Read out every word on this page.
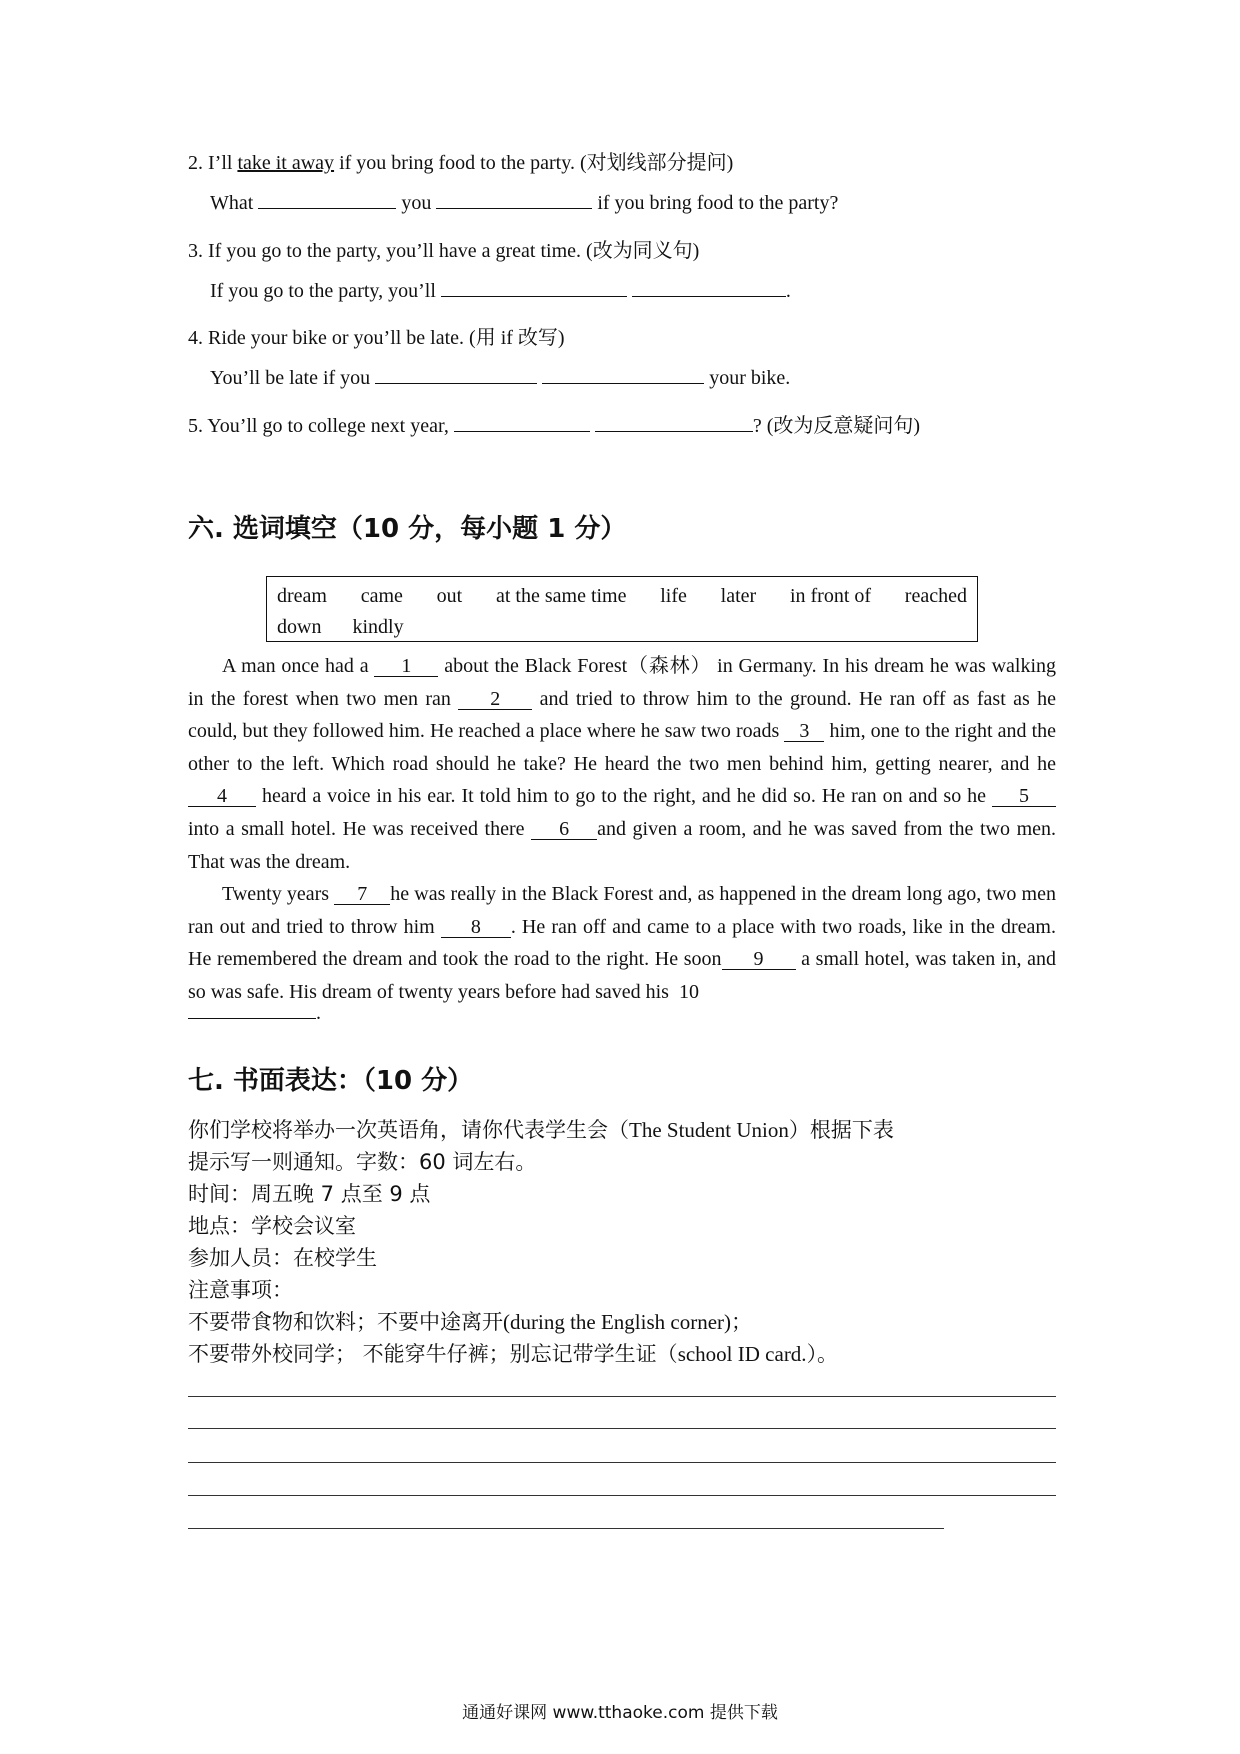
2. I’ll take it away if you bring food to the party. (对划线部分提问)
What	you	if you bring food to the party?
3. If you go to the party, you’ll have a great time. (改为同义句)
If you go to the party, you’ll	.
4. Ride your bike or you’ll be late. (用 if 改写)
You’ll be late if you	your bike.
5. You’ll go to college next year,	? (改为反意疑问句)
六. 选词填空（10 分，每小题 1 分）
dream came out at the same time life later in front of reached
down kindly
A man once had a 1 about the Black Forest（森林） in Germany. In his dream he was walking in the forest when two men ran 2 and tried to throw him to the ground. He ran off as fast as he could, but they followed him. He reached a place where he saw two roads 3 him, one to the right and the other to the left. Which road should he take? He heard the two men behind him, getting nearer, and he 4 heard a voice in his ear. It told him to go to the right, and he did so. He ran on and so he 5into a small hotel. He was received there 6 and given a room, and he was saved from the two men. That was the dream.
Twenty years 7 he was really in the Black Forest and, as happened in the dream long ago, two men ran out and tried to throw him 8 . He ran off and came to a place with two roads, like in the dream. He remembered the dream and took the road to the right. He soon 9 a small hotel, was taken in, and so was safe. His dream of twenty years before had saved his 10
.
七. 书面表达：（10 分）
你们学校将举办一次英语角，请你代表学生会（The Student Union）根据下表
提示写一则通知。字数：60 词左右。
时间：周五晚 7 点至 9 点
地点：学校会议室
参加人员：在校学生
注意事项：
不要带食物和饮料；不要中途离开(during the English corner)；
不要带外校同学； 不能穿牛仔裤；别忘记带学生证（school ID card.）。
通通好课网 www.tthaoke.com 提供下载
